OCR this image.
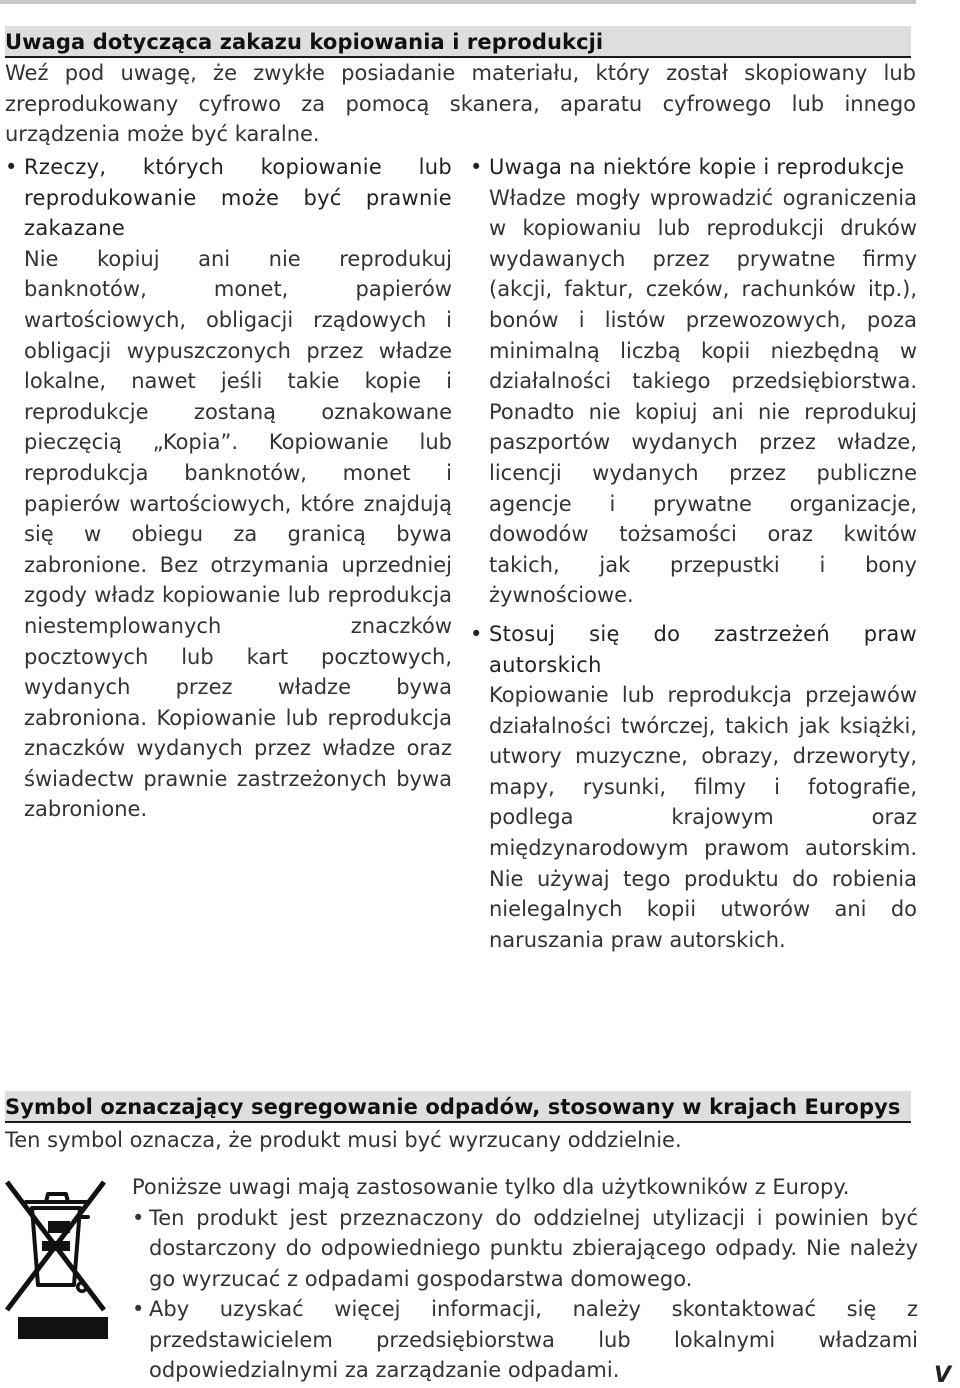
Uwaga dotycząca zakazu kopiowania i reprodukcji

Weź pod uwagę, że zwykłe posiadanie materiału, który został skopiowany lub zreprodukowany cyfrowo za pomocą skanera, aparatu cyfrowego lub innego urządzenia może być karalne.

• Rzeczy, których kopiowanie lub reprodukowanie może być prawnie zakazane

Nie kopiuj ani nie reprodukuj banknotów, monet, papierów wartościowych, obligacji rządowych i obligacji wypuszczonych przez władze lokalne, nawet jeśli takie kopie i reprodukcje zostaną oznakowane pieczęcią „Kopia”. Kopiowanie lub reprodukcja banknotów, monet i papierów wartościowych, które znajdują się w obiegu za granicą bywa zabronione. Bez otrzymania uprzedniej zgody władz kopiowanie lub reprodukcja niestemplowanych znaczków pocztowych lub kart pocztowych, wydanych przez władze bywa zabroniona. Kopiowanie lub reprodukcja znaczków wydanych przez władze oraz świadectw prawnie zastrzeżonych bywa zabronione.

• Uwaga na niektóre kopie i reprodukcje

Władze mogły wprowadzić ograniczenia w kopiowaniu lub reprodukcji druków wydawanych przez prywatne firmy (akcji, faktur, czeków, rachunków itp.), bonów i listów przewozowych, poza minimalną liczbą kopii niezbędną w działalności takiego przedsiębiorstwa. Ponadto nie kopiuj ani nie reprodukuj paszportów wydanych przez władze, licencji wydanych przez publiczne agencje i prywatne organizacje, dowodów tożsamości oraz kwitów takich, jak przepustki i bony żywnościowe.

• Stosuj się do zastrzeżeń praw autorskich

Kopiowanie lub reprodukcja przejawów działalności twórczej, takich jak książki, utwory muzyczne, obrazy, drzeworyty, mapy, rysunki, filmy i fotografie, podlega krajowym oraz międzynarodowym prawom autorskim. Nie używaj tego produktu do robienia nielegalnych kopii utworów ani do naruszania praw autorskich.

Symbol oznaczający segregowanie odpadów, stosowany w krajach Europys

Ten symbol oznacza, że produkt musi być wyrzucany oddzielnie.

Poniższe uwagi mają zastosowanie tylko dla użytkowników z Europy.

• Ten produkt jest przeznaczony do oddzielnej utylizacji i powinien być dostarczony do odpowiedniego punktu zbierającego odpady. Nie należy go wyrzucać z odpadami gospodarstwa domowego.

• Aby uzyskać więcej informacji, należy skontaktować się z przedstawicielem przedsiębiorstwa lub lokalnymi władzami odpowiedzialnymi za zarządzanie odpadami.	V
